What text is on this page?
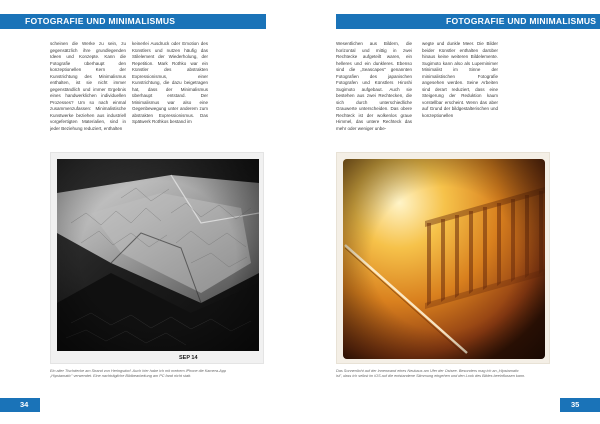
FOTOGRAFIE UND MINIMALISMUS	FOTOGRAFIE UND MINIMALISMUS
scheinen die Werke zu sein, zu gegensätzlich ihre grundlegenden Ideen und Konzepte. Kann die Fotografie überhaupt den konzeptionellen Kern der Kunstrichtung des Minimalismus enthalten, ist sie nicht immer gegenständlich und immer Ergebnis eines handwerklichen individuellen Prozesses? Um so nach einmal zusammenzufassen: Minimalistische Kunstwerke beziehen aus industriell vorgefertigten Materialien, sind in jeder Beziehung reduziert, enthalten
keinerlei Ausdruck oder Emotion des Künstlers und nutzen häufig das Stilelement der Wiederholung, der Repetition. Mark Rothko war ein Künstler des abstrakten Expressionismus, einer Kunstrichtung, die dazu beigetragen hat, dass der Minimalismus überhaupt entstand. Der Minimalismus war also eine Gegenbewegung unter anderem zum abstrakten Expressionismus. Das Spätwerk Rothkos bestand im
Wesentlichen aus Bildern, die horizontal und mittig in zwei Rechtecke aufgeteilt waren, ein helleres und ein dunkleres. Ebenso sind die „Seascapes" genannten Fotografien des japanischen Fotografen und Künstlers Hiroshi Sugimoto aufgebaut. Auch sie bestehen aus zwei Rechtecken, die sich durch unterschiedliche Grauwerte unterscheiden. Das obere Rechteck ist der wolkenlos graue Himmel, das untere Rechteck das mehr oder weniger unbe-
wegte und dunkle Meer. Die Bilder beider Künstler enthalten darüber hinaus keine weiteren Bildelemente. Sugimoto kann also als Lupeminimer Minimalist im Sinne der minimalistischen Fotografie angesehen werden. Seine Arbeiten sind derart reduziert, dass eine Steigerung der Reduktion kaum vorstellbar erscheint. Wenn das aber auf Grund der bildgestalterischen und konzeptionellen
SEP 14
Ein alter Tischdecke am Strand von Heringsdorf. Auch hier habe ich mit meinem iPhone die Kamera-App
„Hipstamatic" verwendet. Eine nachträgliche Bildbearbeitung am PC fand nicht statt.
Das Sonnenlicht auf der Innenwand eines Neubaus am Ufer der Ostsee. Besonders mag ich an „Hipstamatic
ist", dass ich selbst im iOS auf die entstandene Stimmung eingehen und den Look des Bildes beeinflussen kann.
34	35
